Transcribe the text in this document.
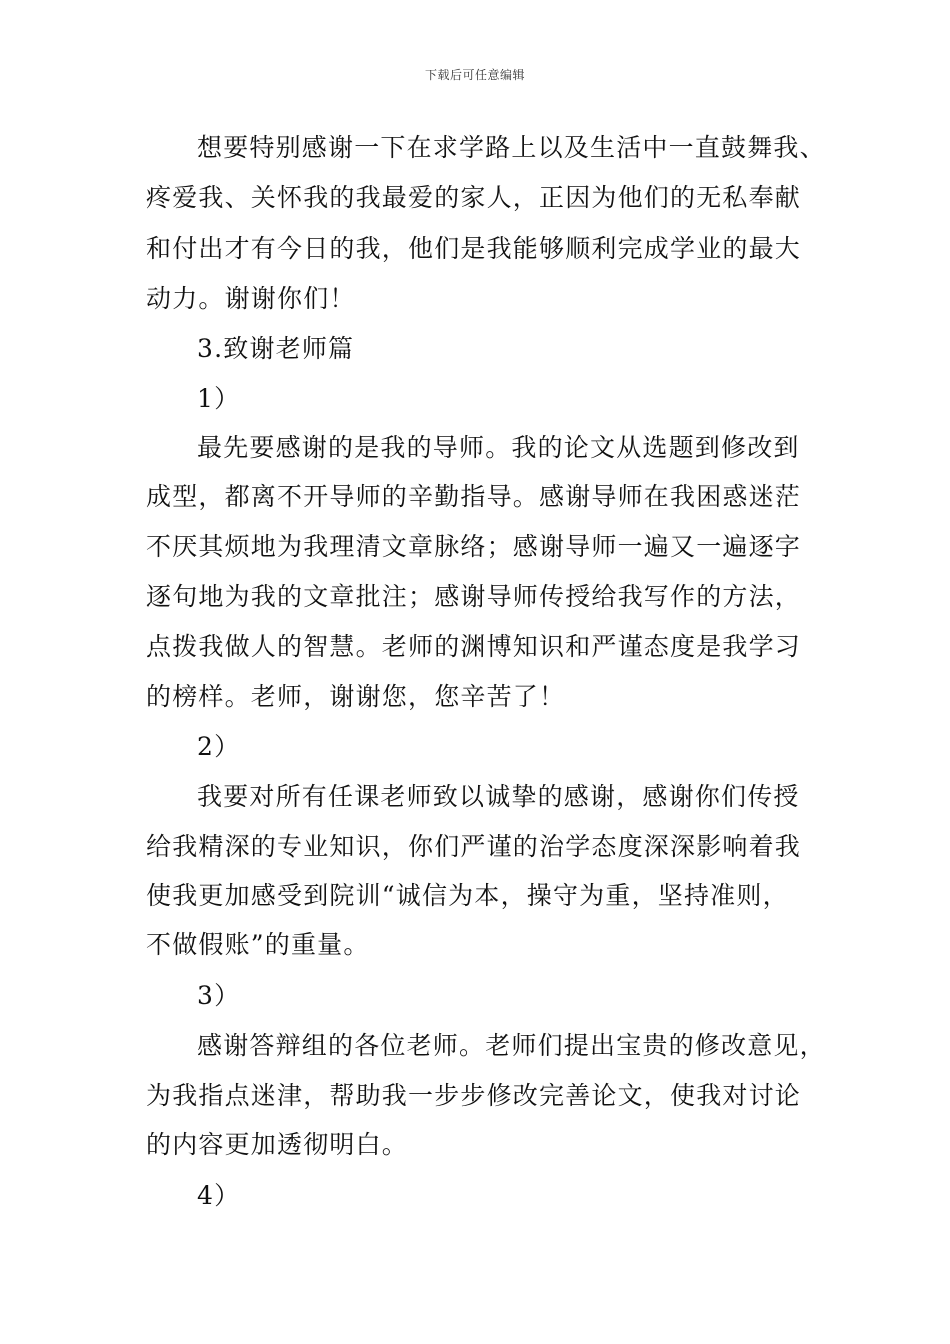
下载后可任意编辑
想要特别感谢一下在求学路上以及生活中一直鼓舞我、
疼爱我、关怀我的我最爱的家人，正因为他们的无私奉献
和付出才有今日的我，他们是我能够顺利完成学业的最大
动力。谢谢你们！
3.致谢老师篇
1）
最先要感谢的是我的导师。我的论文从选题到修改到
成型，都离不开导师的辛勤指导。感谢导师在我困惑迷茫
不厌其烦地为我理清文章脉络；感谢导师一遍又一遍逐字
逐句地为我的文章批注；感谢导师传授给我写作的方法，
点拨我做人的智慧。老师的渊博知识和严谨态度是我学习
的榜样。老师，谢谢您，您辛苦了！
2）
我要对所有任课老师致以诚挚的感谢，感谢你们传授
给我精深的专业知识，你们严谨的治学态度深深影响着我
使我更加感受到院训“诚信为本，操守为重，坚持准则，
不做假账”的重量。
3）
感谢答辩组的各位老师。老师们提出宝贵的修改意见，
为我指点迷津，帮助我一步步修改完善论文，使我对讨论
的内容更加透彻明白。
4）
